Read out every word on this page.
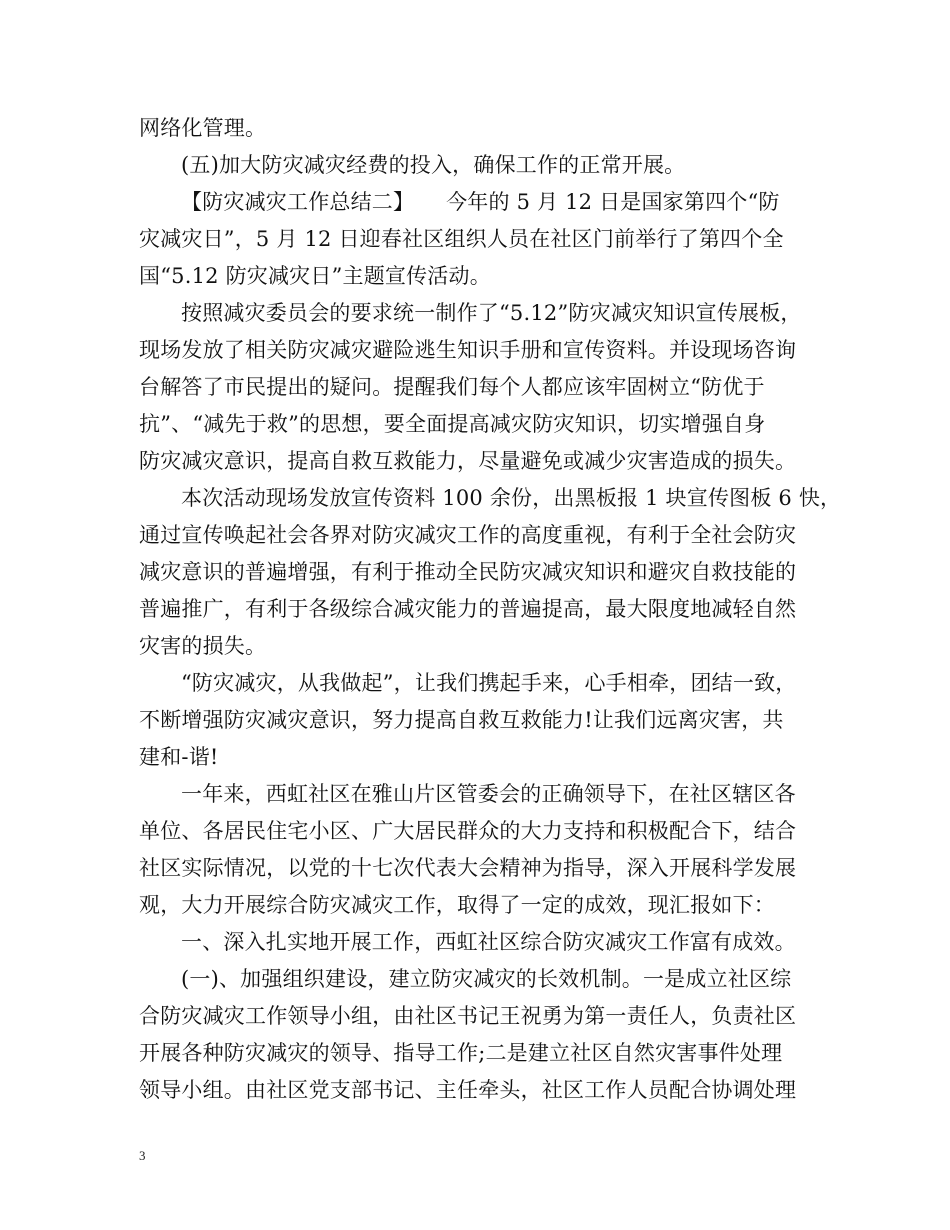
网络化管理。
(五)加大防灾减灾经费的投入，确保工作的正常开展。
【防灾减灾工作总结二】　　今年的 5 月 12 日是国家第四个“防
灾减灾日”，5 月 12 日迎春社区组织人员在社区门前举行了第四个全
国“5.12 防灾减灾日”主题宣传活动。
按照减灾委员会的要求统一制作了“5.12”防灾减灾知识宣传展板，
现场发放了相关防灾减灾避险逃生知识手册和宣传资料。并设现场咨询
台解答了市民提出的疑问。提醒我们每个人都应该牢固树立“防优于
抗”、“减先于救”的思想，要全面提高减灾防灾知识，切实增强自身
防灾减灾意识，提高自救互救能力，尽量避免或减少灾害造成的损失。
本次活动现场发放宣传资料 100 余份，出黑板报 1 块宣传图板 6 快，
通过宣传唤起社会各界对防灾减灾工作的高度重视，有利于全社会防灾
减灾意识的普遍增强，有利于推动全民防灾减灾知识和避灾自救技能的
普遍推广，有利于各级综合减灾能力的普遍提高，最大限度地减轻自然
灾害的损失。
“防灾减灾，从我做起”，让我们携起手来，心手相牵，团结一致，
不断增强防灾减灾意识，努力提高自救互救能力!让我们远离灾害，共
建和-谐!
一年来，西虹社区在雅山片区管委会的正确领导下，在社区辖区各
单位、各居民住宅小区、广大居民群众的大力支持和积极配合下，结合
社区实际情况，以党的十七次代表大会精神为指导，深入开展科学发展
观，大力开展综合防灾减灾工作，取得了一定的成效，现汇报如下：
一、深入扎实地开展工作，西虹社区综合防灾减灾工作富有成效。
(一)、加强组织建设，建立防灾减灾的长效机制。一是成立社区综
合防灾减灾工作领导小组，由社区书记王祝勇为第一责任人，负责社区
开展各种防灾减灾的领导、指导工作;二是建立社区自然灾害事件处理
领导小组。由社区党支部书记、主任牵头，社区工作人员配合协调处理
3
